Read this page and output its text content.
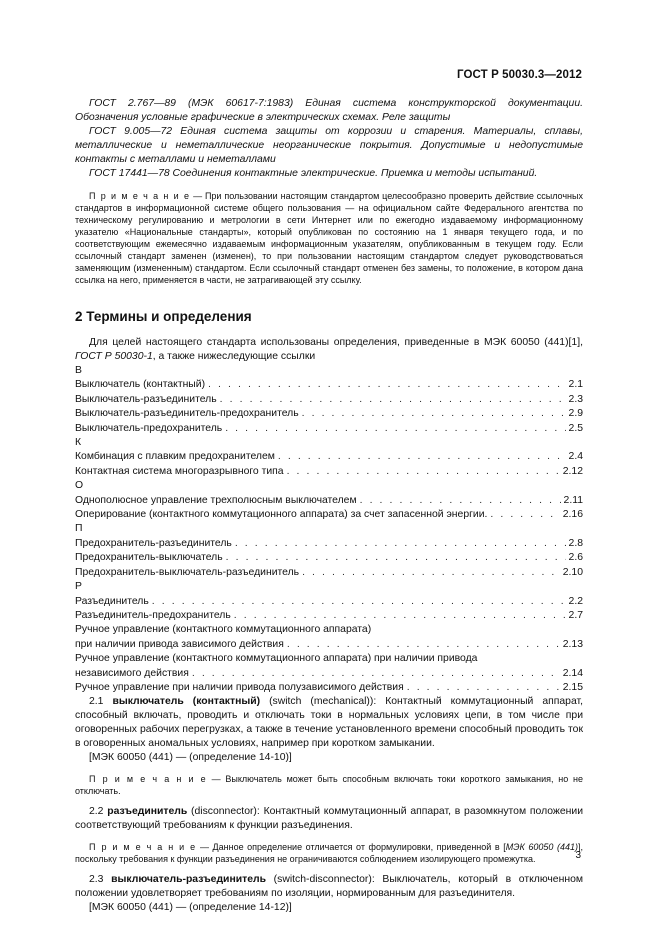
ГОСТ Р 50030.3—2012

ГОСТ 2.767—89 (МЭК 60617-7:1983) Единая система конструкторской документации. Обозначения условные графические в электрических схемах. Реле защиты

ГОСТ 9.005—72 Единая система защиты от коррозии и старения. Материалы, сплавы, металлические и неметаллические неорганические покрытия. Допустимые и недопустимые контакты с металлами и неметаллами

ГОСТ 17441—78 Соединения контактные электрические. Приемка и методы испытаний.

П р и м е ч а н и е — При пользовании настоящим стандартом целесообразно проверить действие ссылочных стандартов в информационной системе общего пользования — на официальном сайте Федерального агентства по техническому регулированию и метрологии в сети Интернет или по ежегодно издаваемому информационному указателю «Национальные стандарты», который опубликован по состоянию на 1 января текущего года, и по соответствующим ежемесячно издаваемым информационным указателям, опубликованным в текущем году. Если ссылочный стандарт заменен (изменен), то при пользовании настоящим стандартом следует руководствоваться заменяющим (измененным) стандартом. Если ссылочный стандарт отменен без замены, то положение, в котором дана ссылка на него, применяется в части, не затрагивающей эту ссылку.

2 Термины и определения

Для целей настоящего стандарта использованы определения, приведенные в МЭК 60050 (441)[1], ГОСТ Р 50030-1, а также нижеследующие ссылки

В

Выключатель (контактный) . . .	2.1
Выключатель-разъединитель . . .	2.3
Выключатель-разъединитель-предохранитель . . .	2.9
Выключатель-предохранитель . . .	2.5

К

Комбинация с плавким предохранителем . . .	2.4
Контактная система многоразрывного типа . . .	2.12

О

Однополюсное управление трехполюсным выключателем . . .	2.11
Оперирование (контактного коммутационного аппарата) за счет запасенной энергии. . . .	2.16

П

Предохранитель-разъединитель . . .	2.8
Предохранитель-выключатель . . .	2.6
Предохранитель-выключатель-разъединитель . . .	2.10

Р

Разъединитель . . .	2.2
Разъединитель-предохранитель . . .	2.7

Ручное управление (контактного коммутационного аппарата)

при наличии привода зависимого действия . . .	2.13

Ручное управление (контактного коммутационного аппарата) при наличии привода

независимого действия . . .	2.14
Ручное управление при наличии привода полузависимого действия . . .	2.15

2.1 выключатель (контактный) (switch (mechanical)): Контактный коммутационный аппарат, способный включать, проводить и отключать токи в нормальных условиях цепи, в том числе при оговоренных рабочих перегрузках, а также в течение установленного времени способный проводить ток в оговоренных аномальных условиях, например при коротком замыкании.

[МЭК 60050 (441) — (определение 14-10)]

П р и м е ч а н и е — Выключатель может быть способным включать токи короткого замыкания, но не отключать.

2.2 разъединитель (disconnector): Контактный коммутационный аппарат, в разомкнутом положении соответствующий требованиям к функции разъединения.

П р и м е ч а н и е — Данное определение отличается от формулировки, приведенной в [МЭК 60050 (441)], поскольку требования к функции разъединения не ограничиваются соблюдением изолирующего промежутка.

2.3 выключатель-разъединитель (switch-disconnector): Выключатель, который в отключенном положении удовлетворяет требованиям по изоляции, нормированным для разъединителя.

[МЭК 60050 (441) — (определение 14-12)]

3
